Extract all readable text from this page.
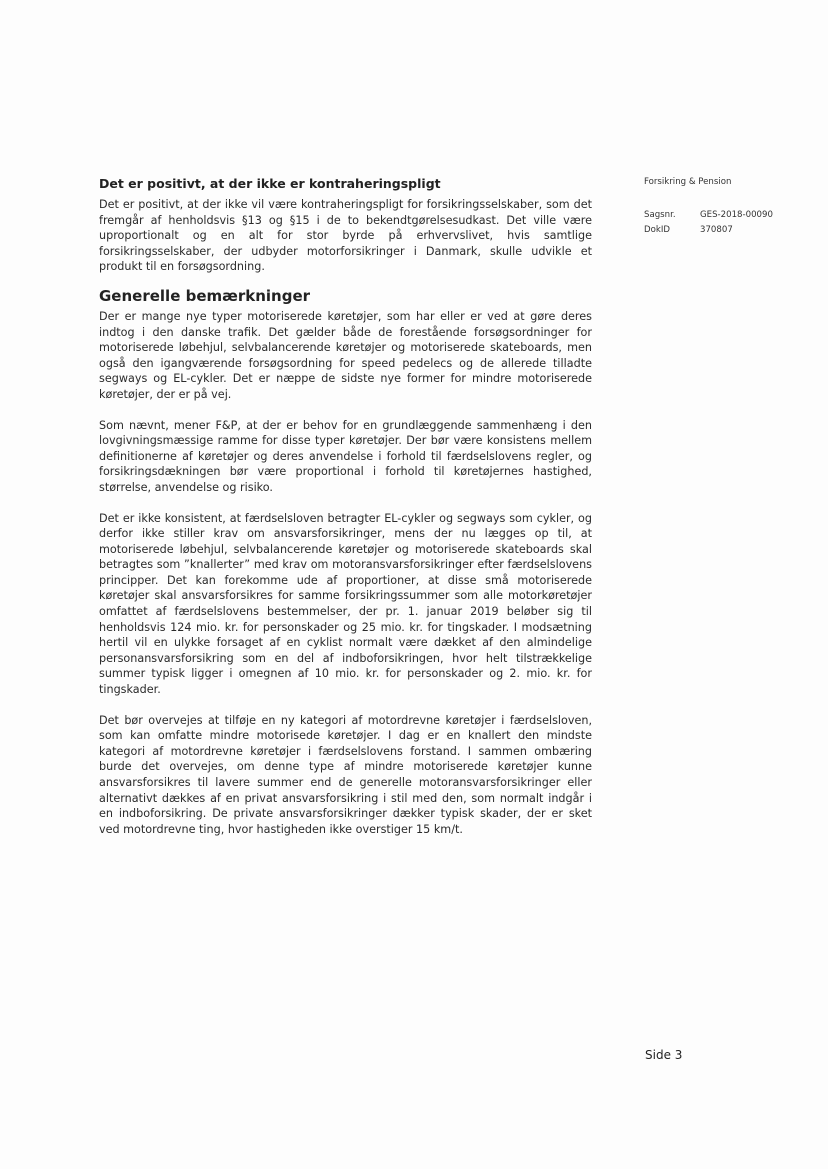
Forsikring & Pension
Sagsnr.	GES-2018-00090
DokID	370807
Det er positivt, at der ikke er kontraheringspligt

Det er positivt, at der ikke vil være kontraheringspligt for forsikringsselskaber, som det fremgår af henholdsvis §13 og §15 i de to bekendtgørelsesudkast. Det ville være uproportionalt og en alt for stor byrde på erhvervslivet, hvis samtlige forsikringsselskaber, der udbyder motorforsikringer i Danmark, skulle udvikle et produkt til en forsøgsordning.

Generelle bemærkninger

Der er mange nye typer motoriserede køretøjer, som har eller er ved at gøre deres indtog i den danske trafik. Det gælder både de forestående forsøgsordninger for motoriserede løbehjul, selvbalancerende køretøjer og motoriserede skateboards, men også den igangværende forsøgsordning for speed pedelecs og de allerede tilladte segways og EL-cykler. Det er næppe de sidste nye former for mindre motoriserede køretøjer, der er på vej.

Som nævnt, mener F&P, at der er behov for en grundlæggende sammenhæng i den lovgivningsmæssige ramme for disse typer køretøjer. Der bør være konsistens mellem definitionerne af køretøjer og deres anvendelse i forhold til færdselslovens regler, og forsikringsdækningen bør være proportional i forhold til køretøjernes hastighed, størrelse, anvendelse og risiko.

Det er ikke konsistent, at færdselsloven betragter EL-cykler og segways som cykler, og derfor ikke stiller krav om ansvarsforsikringer, mens der nu lægges op til, at motoriserede løbehjul, selvbalancerende køretøjer og motoriserede skateboards skal betragtes som ”knallerter” med krav om motoransvarsforsikringer efter færdselslovens principper. Det kan forekomme ude af proportioner, at disse små motoriserede køretøjer skal ansvarsforsikres for samme forsikringssummer som alle motorkøretøjer omfattet af færdselslovens bestemmelser, der pr. 1. januar 2019 beløber sig til henholdsvis 124 mio. kr. for personskader og 25 mio. kr. for tingskader. I modsætning hertil vil en ulykke forsaget af en cyklist normalt være dækket af den almindelige personansvarsforsikring som en del af indboforsikringen, hvor helt tilstrækkelige summer typisk ligger i omegnen af 10 mio. kr. for personskader og 2. mio. kr. for tingskader.

Det bør overvejes at tilføje en ny kategori af motordrevne køretøjer i færdselsloven, som kan omfatte mindre motorisede køretøjer. I dag er en knallert den mindste kategori af motordrevne køretøjer i færdselslovens forstand. I sammen ombæring burde det overvejes, om denne type af mindre motoriserede køretøjer kunne ansvarsforsikres til lavere summer end de generelle motoransvarsforsikringer eller alternativt dækkes af en privat ansvarsforsikring i stil med den, som normalt indgår i en indboforsikring. De private ansvarsforsikringer dækker typisk skader, der er sket ved motordrevne ting, hvor hastigheden ikke overstiger 15 km/t.

Side 3
